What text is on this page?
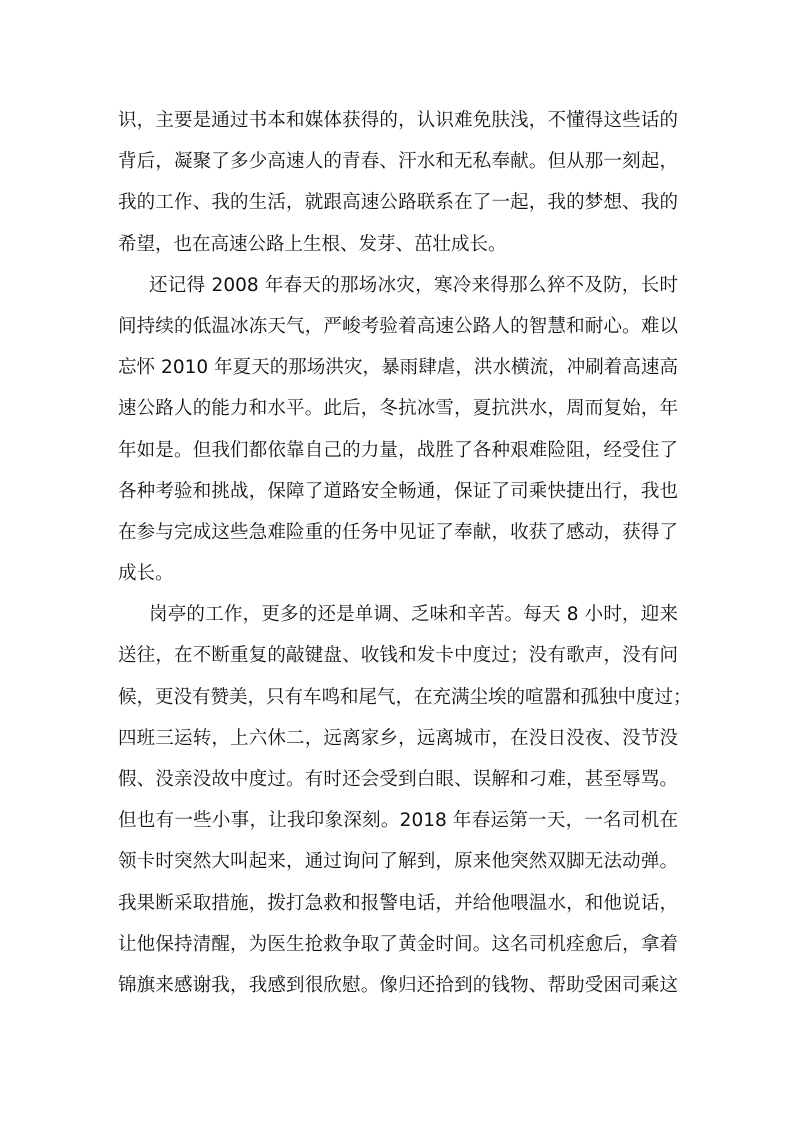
识，主要是通过书本和媒体获得的，认识难免肤浅，不懂得这些话的
背后，凝聚了多少高速人的青春、汗水和无私奉献。但从那一刻起，
我的工作、我的生活，就跟高速公路联系在了一起，我的梦想、我的
希望，也在高速公路上生根、发芽、茁壮成长。
还记得 2008 年春天的那场冰灾，寒冷来得那么猝不及防，长时
间持续的低温冰冻天气，严峻考验着高速公路人的智慧和耐心。难以
忘怀 2010 年夏天的那场洪灾，暴雨肆虐，洪水横流，冲刷着高速高
速公路人的能力和水平。此后，冬抗冰雪，夏抗洪水，周而复始，年
年如是。但我们都依靠自己的力量，战胜了各种艰难险阻，经受住了
各种考验和挑战，保障了道路安全畅通，保证了司乘快捷出行，我也
在参与完成这些急难险重的任务中见证了奉献，收获了感动，获得了
成长。
岗亭的工作，更多的还是单调、乏味和辛苦。每天 8 小时，迎来
送往，在不断重复的敲键盘、收钱和发卡中度过；没有歌声，没有问
候，更没有赞美，只有车鸣和尾气，在充满尘埃的喧嚣和孤独中度过；
四班三运转，上六休二，远离家乡，远离城市，在没日没夜、没节没
假、没亲没故中度过。有时还会受到白眼、误解和刁难，甚至辱骂。
但也有一些小事，让我印象深刻。2018 年春运第一天，一名司机在
领卡时突然大叫起来，通过询问了解到，原来他突然双脚无法动弹。
我果断采取措施，拨打急救和报警电话，并给他喂温水，和他说话，
让他保持清醒，为医生抢救争取了黄金时间。这名司机痊愈后，拿着
锦旗来感谢我，我感到很欣慰。像归还拾到的钱物、帮助受困司乘这
